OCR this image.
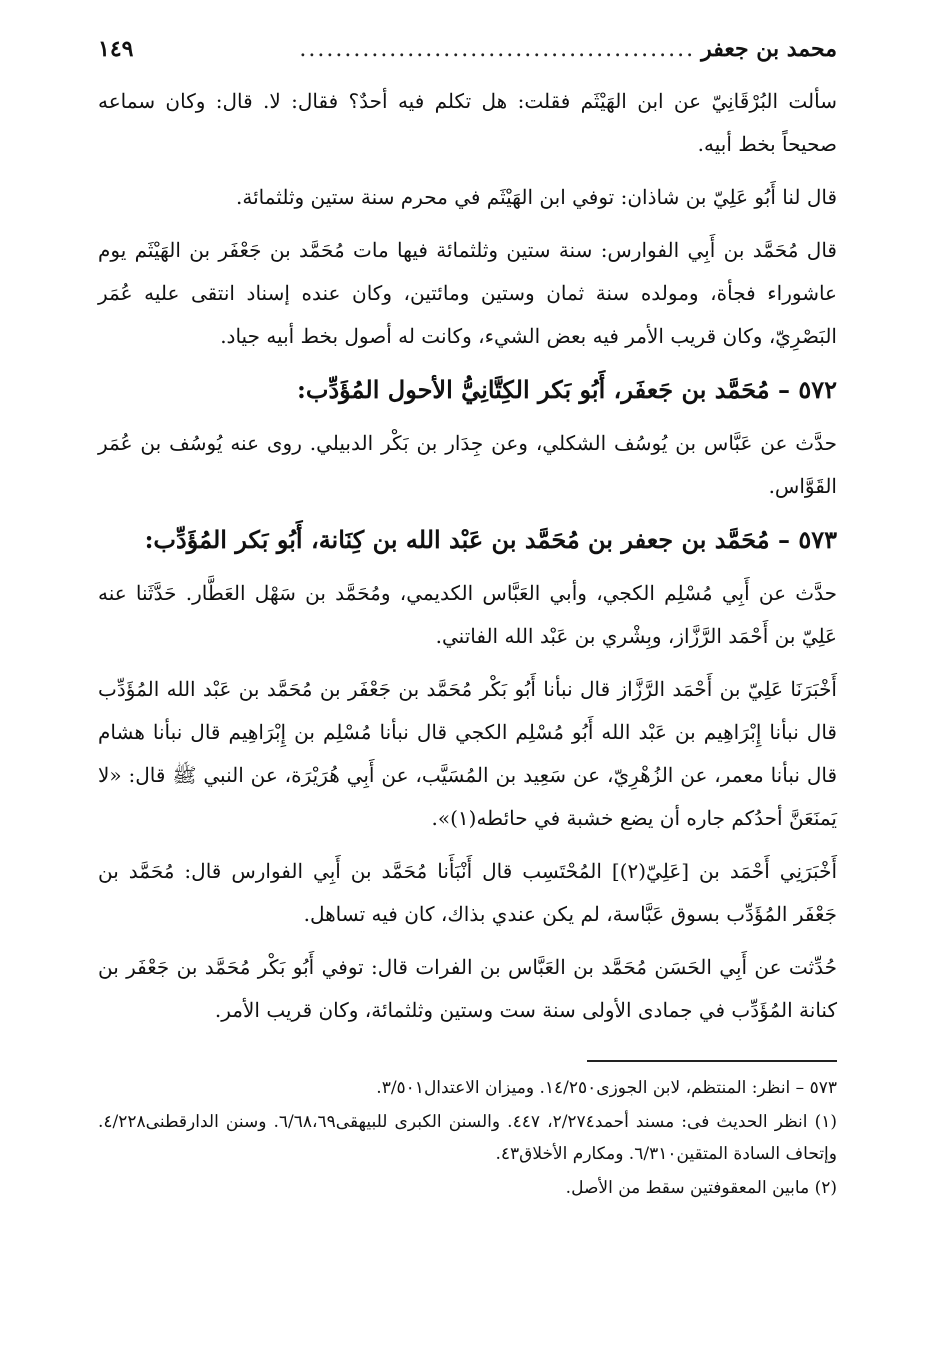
محمد بن جعفر
............................................
١٤٩

سألت البُرْقَانِيّ عن ابن الهَيْثَم فقلت: هل تكلم فيه أحدٌ؟ فقال: لا. قال: وكان سماعه صحيحاً بخط أبيه.

قال لنا أَبُو عَلِيّ بن شاذان: توفي ابن الهَيْثَم في محرم سنة ستين وثلثمائة.

قال مُحَمَّد بن أَبِي الفوارس: سنة ستين وثلثمائة فيها مات مُحَمَّد بن جَعْفَر بن الهَيْثَم يوم عاشوراء فجأة، ومولده سنة ثمان وستين ومائتين، وكان عنده إسناد انتقى عليه عُمَر البَصْرِيّ، وكان قريب الأمر فيه بعض الشيء، وكانت له أصول بخط أبيه جياد.

٥٧٢ – مُحَمَّد بن جَعفَر، أَبُو بَكر الكِتَّانِيُّ الأحول المُؤَدِّب:

حدَّث عن عَبَّاس بن يُوسُف الشكلي، وعن جِدَار بن بَكْر الدبيلي. روى عنه يُوسُف بن عُمَر القَوَّاس.

٥٧٣ – مُحَمَّد بن جعفر بن مُحَمَّد بن عَبْد الله بن كِنَانة، أَبُو بَكر المُؤَدِّب:

حدَّث عن أَبِي مُسْلِم الكجي، وأبي العَبَّاس الكديمي، ومُحَمَّد بن سَهْل العَطَّار. حَدَّثَنا عنه عَلِيّ بن أَحْمَد الرَّزَّاز، وبِشْري بن عَبْد الله الفاتني.

أَخْبَرَنَا عَلِيّ بن أَحْمَد الرَّزَّاز قال نبأنا أَبُو بَكْر مُحَمَّد بن جَعْفَر بن مُحَمَّد بن عَبْد الله المُؤَدِّب قال نبأنا إِبْرَاهِيم بن عَبْد الله أَبُو مُسْلِم الكجي قال نبأنا مُسْلِم بن إِبْرَاهِيم قال نبأنا هشام قال نبأنا معمر، عن الزُهْرِيّ، عن سَعِيد بن المُسَيَّب، عن أَبِي هُرَيْرَة، عن النبي ﷺ قال: «لا يَمنَعَنَّ أحدُكم جاره أن يضع خشبة في حائطه(١)».

أَخْبَرَنِي أَحْمَد بن [عَلِيّ(٢)] المُحْتَسِب قال أَنْبَأَنا مُحَمَّد بن أَبِي الفوارس قال: مُحَمَّد بن جَعْفَر المُؤَدِّب بسوق عَبَّاسة، لم يكن عندي بذاك، كان فيه تساهل.

حُدِّثت عن أَبِي الحَسَن مُحَمَّد بن العَبَّاس بن الفرات قال: توفي أَبُو بَكْر مُحَمَّد بن جَعْفَر بن كنانة المُؤَدِّب في جمادى الأولى سنة ست وستين وثلثمائة، وكان قريب الأمر.

٥٧٣ – انظر: المنتظم، لابن الجوزى١٤/٢٥٠. وميزان الاعتدال٣/٥٠١.

(١) انظر الحديث فى: مسند أحمد٢/٢٧٤، ٤٤٧. والسنن الكبرى للبيهقى٦/٦٨،٦٩. وسنن الدارقطنى٤/٢٢٨. وإتحاف السادة المتقين٦/٣١٠. ومكارم الأخلاق٤٣.

(٢) مابين المعقوفتين سقط من الأصل.
